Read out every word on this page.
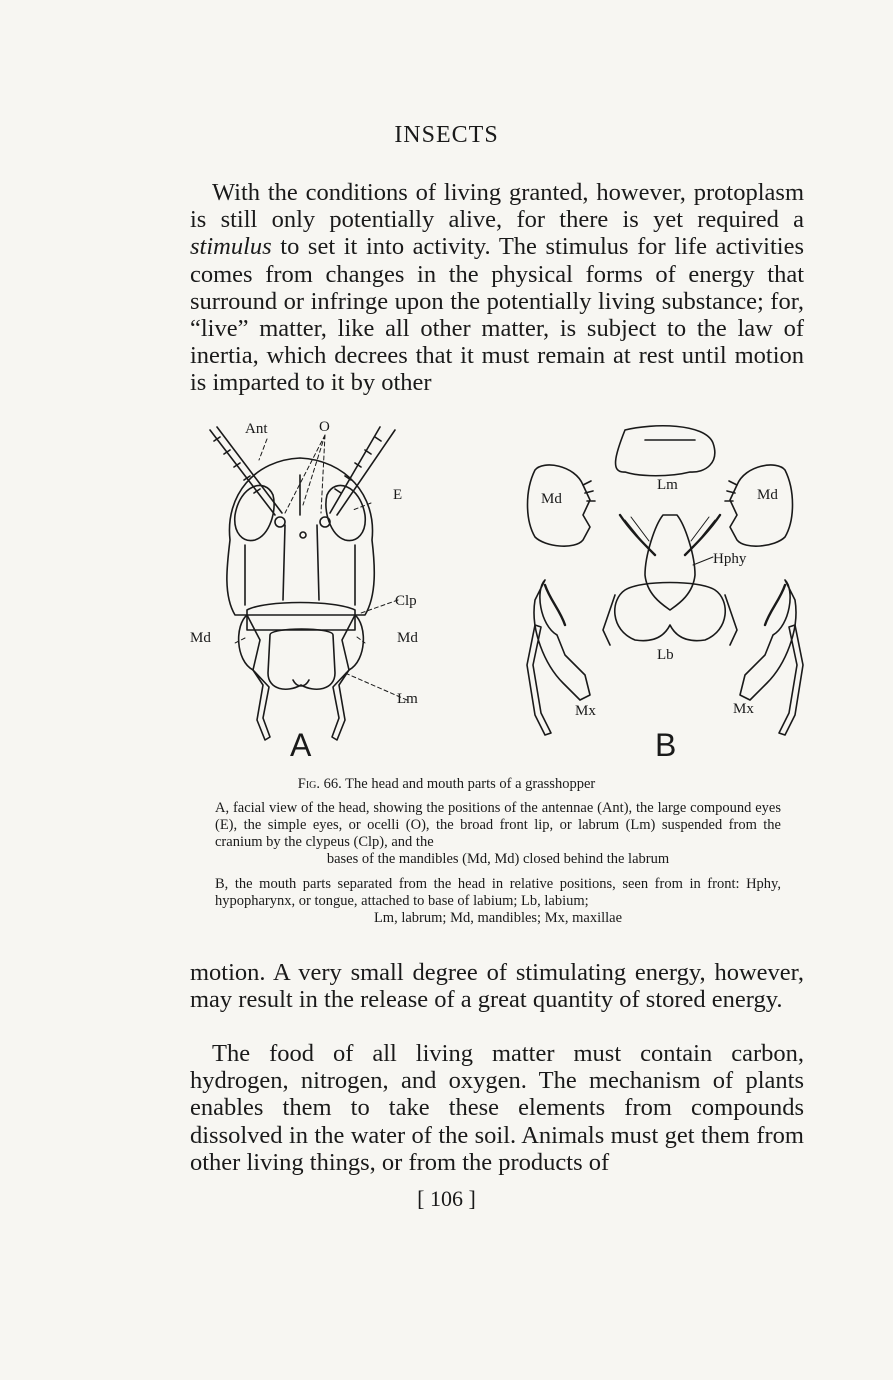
INSECTS

With the conditions of living granted, however, protoplasm is still only potentially alive, for there is yet required a stimulus to set it into activity. The stimulus for life activities comes from changes in the physical forms of energy that surround or infringe upon the potentially living substance; for, “live” matter, like all other matter, is subject to the law of inertia, which decrees that it must remain at rest until motion is imparted to it by other

Ant	O
E
Clp
Md	Md
Lm
A
Lm
Md	Md
Hphy
Lb
Mx	Mx
B
Fig. 66. The head and mouth parts of a grasshopper
A, facial view of the head, showing the positions of the antennae (Ant), the large compound eyes (E), the simple eyes, or ocelli (O), the broad front lip, or labrum (Lm) suspended from the cranium by the clypeus (Clp), and the
bases of the mandibles (Md, Md) closed behind the labrum
B, the mouth parts separated from the head in relative positions, seen from in front: Hphy, hypopharynx, or tongue, attached to base of labium; Lb, labium;
Lm, labrum; Md, mandibles; Mx, maxillae

motion. A very small degree of stimulating energy, however, may result in the release of a great quantity of stored energy.

The food of all living matter must contain carbon, hydrogen, nitrogen, and oxygen. The mechanism of plants enables them to take these elements from compounds dissolved in the water of the soil. Animals must get them from other living things, or from the products of

[ 106 ]
